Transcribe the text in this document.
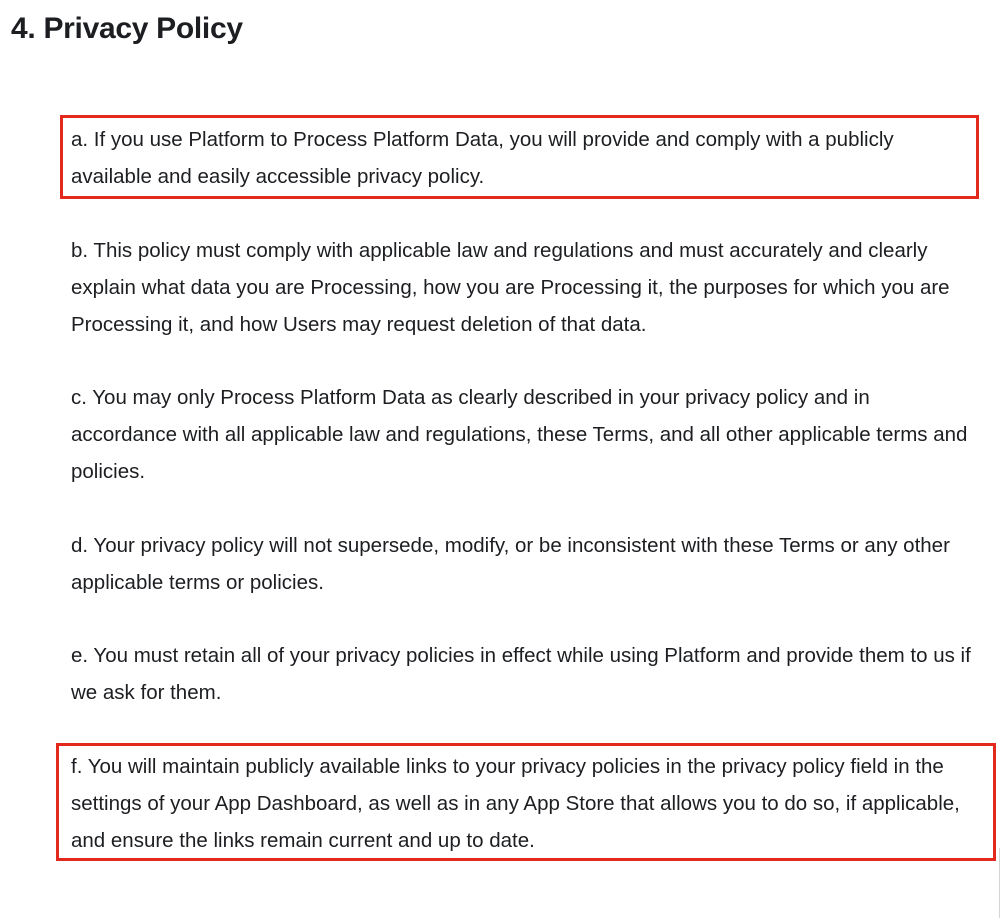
4. Privacy Policy

a. If you use Platform to Process Platform Data, you will provide and comply with a publicly available and easily accessible privacy policy.

b. This policy must comply with applicable law and regulations and must accurately and clearly explain what data you are Processing, how you are Processing it, the purposes for which you are Processing it, and how Users may request deletion of that data.

c. You may only Process Platform Data as clearly described in your privacy policy and in accordance with all applicable law and regulations, these Terms, and all other applicable terms and policies.

d. Your privacy policy will not supersede, modify, or be inconsistent with these Terms or any other applicable terms or policies.

e. You must retain all of your privacy policies in effect while using Platform and provide them to us if we ask for them.

f. You will maintain publicly available links to your privacy policies in the privacy policy field in the settings of your App Dashboard, as well as in any App Store that allows you to do so, if applicable, and ensure the links remain current and up to date.
